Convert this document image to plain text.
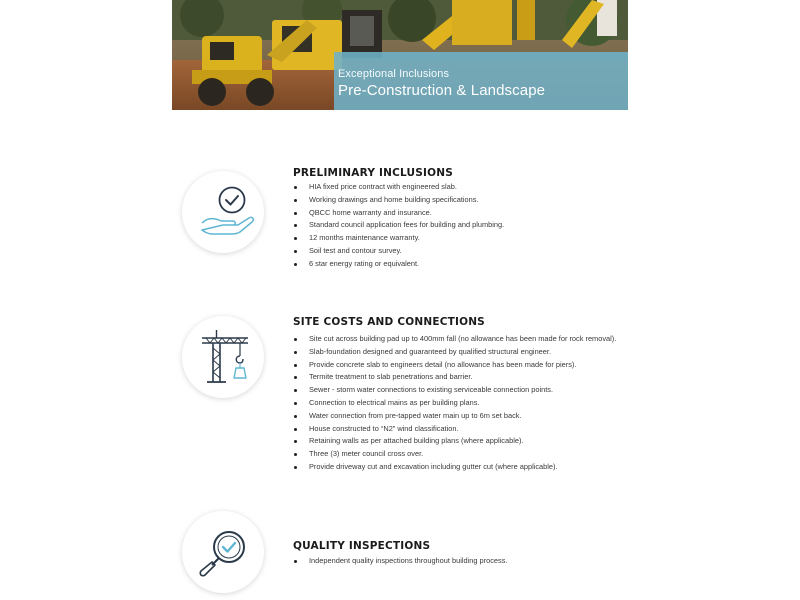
Exceptional Inclusions
Pre-Construction & Landscape
PRELIMINARY INCLUSIONS
HIA fixed price contract with engineered slab.
Working drawings and home building specifications.
QBCC home warranty and insurance.
Standard council application fees for building and plumbing.
12 months maintenance warranty.
Soil test and contour survey.
6 star energy rating or equivalent.
SITE COSTS AND CONNECTIONS
Site cut across building pad up to 400mm fall (no allowance has been made for rock removal).
Slab-foundation designed and guaranteed by qualified structural engineer.
Provide concrete slab to engineers detail (no allowance has been made for piers).
Termite treatment to slab penetrations and barrier.
Sewer - storm water connections to existing serviceable connection points.
Connection to electrical mains as per building plans.
Water connection from pre-tapped water main up to 6m set back.
House constructed to “N2” wind classification.
Retaining walls as per attached building plans (where applicable).
Three (3) meter council cross over.
Provide driveway cut and excavation including gutter cut (where applicable).
QUALITY INSPECTIONS
Independent quality inspections throughout building process.
